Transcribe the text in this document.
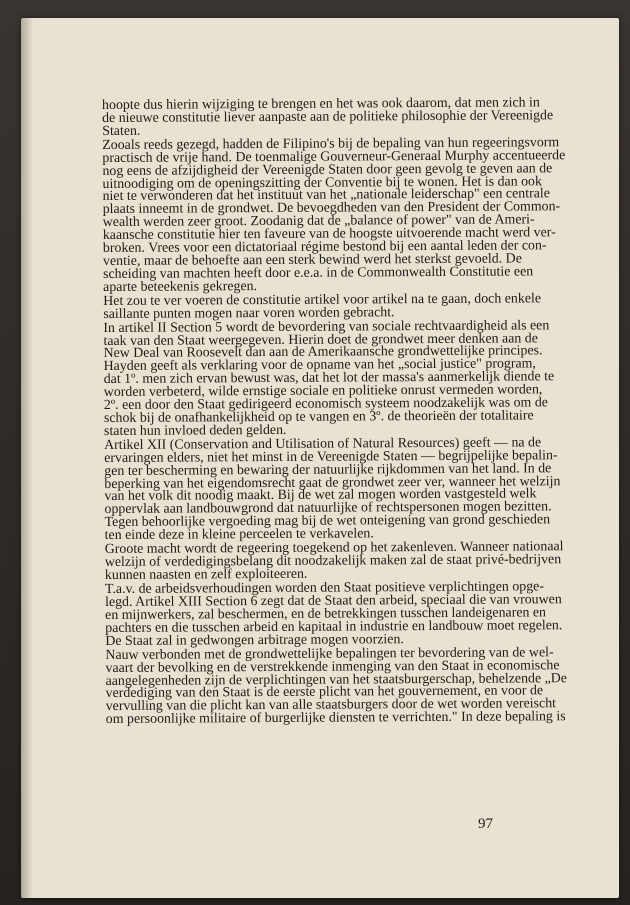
hoopte dus hierin wijziging te brengen en het was ook daarom, dat men zich in
de nieuwe constitutie liever aanpaste aan de politieke philosophie der Vereenigde
Staten.
Zooals reeds gezegd, hadden de Filipino's bij de bepaling van hun regeeringsvorm
practisch de vrije hand. De toenmalige Gouverneur-Generaal Murphy accentueerde
nog eens de afzijdigheid der Vereenigde Staten door geen gevolg te geven aan de
uitnoodiging om de openingszitting der Conventie bij te wonen. Het is dan ook
niet te verwonderen dat het instituut van het „nationale leiderschap" een centrale
plaats inneemt in de grondwet. De bevoegdheden van den President der Common-
wealth werden zeer groot. Zoodanig dat de „balance of power" van de Ameri-
kaansche constitutie hier ten faveure van de hoogste uitvoerende macht werd ver-
broken. Vrees voor een dictatoriaal régime bestond bij een aantal leden der con-
ventie, maar de behoefte aan een sterk bewind werd het sterkst gevoeld. De
scheiding van machten heeft door e.e.a. in de Commonwealth Constitutie een
aparte beteekenis gekregen.
Het zou te ver voeren de constitutie artikel voor artikel na te gaan, doch enkele
saillante punten mogen naar voren worden gebracht.
In artikel II Section 5 wordt de bevordering van sociale rechtvaardigheid als een
taak van den Staat weergegeven. Hierin doet de grondwet meer denken aan de
New Deal van Roosevelt dan aan de Amerikaansche grondwettelijke principes.
Hayden geeft als verklaring voor de opname van het „social justice" program,
dat 1º. men zich ervan bewust was, dat het lot der massa's aanmerkelijk diende te
worden verbeterd, wilde ernstige sociale en politieke onrust vermeden worden,
2º. een door den Staat gedirigeerd economisch systeem noodzakelijk was om de
schok bij de onafhankelijkheid op te vangen en 3º. de theorieën der totalitaire
staten hun invloed deden gelden.
Artikel XII (Conservation and Utilisation of Natural Resources) geeft — na de
ervaringen elders, niet het minst in de Vereenigde Staten — begrijpelijke bepalin-
gen ter bescherming en bewaring der natuurlijke rijkdommen van het land. In de
beperking van het eigendomsrecht gaat de grondwet zeer ver, wanneer het welzijn
van het volk dit noodig maakt. Bij de wet zal mogen worden vastgesteld welk
oppervlak aan landbouwgrond dat natuurlijke of rechtspersonen mogen bezitten.
Tegen behoorlijke vergoeding mag bij de wet onteigening van grond geschieden
ten einde deze in kleine perceelen te verkavelen.
Groote macht wordt de regeering toegekend op het zakenleven. Wanneer nationaal
welzijn of verdedigingsbelang dit noodzakelijk maken zal de staat privé-bedrijven
kunnen naasten en zelf exploiteeren.
T.a.v. de arbeidsverhoudingen worden den Staat positieve verplichtingen opge-
legd. Artikel XIII Section 6 zegt dat de Staat den arbeid, speciaal die van vrouwen
en mijnwerkers, zal beschermen, en de betrekkingen tusschen landeigenaren en
pachters en die tusschen arbeid en kapitaal in industrie en landbouw moet regelen.
De Staat zal in gedwongen arbitrage mogen voorzien.
Nauw verbonden met de grondwettelijke bepalingen ter bevordering van de wel-
vaart der bevolking en de verstrekkende inmenging van den Staat in economische
aangelegenheden zijn de verplichtingen van het staatsburgerschap, behelzende „De
verdediging van den Staat is de eerste plicht van het gouvernement, en voor de
vervulling van die plicht kan van alle staatsburgers door de wet worden vereischt
om persoonlijke militaire of burgerlijke diensten te verrichten." In deze bepaling is
97
